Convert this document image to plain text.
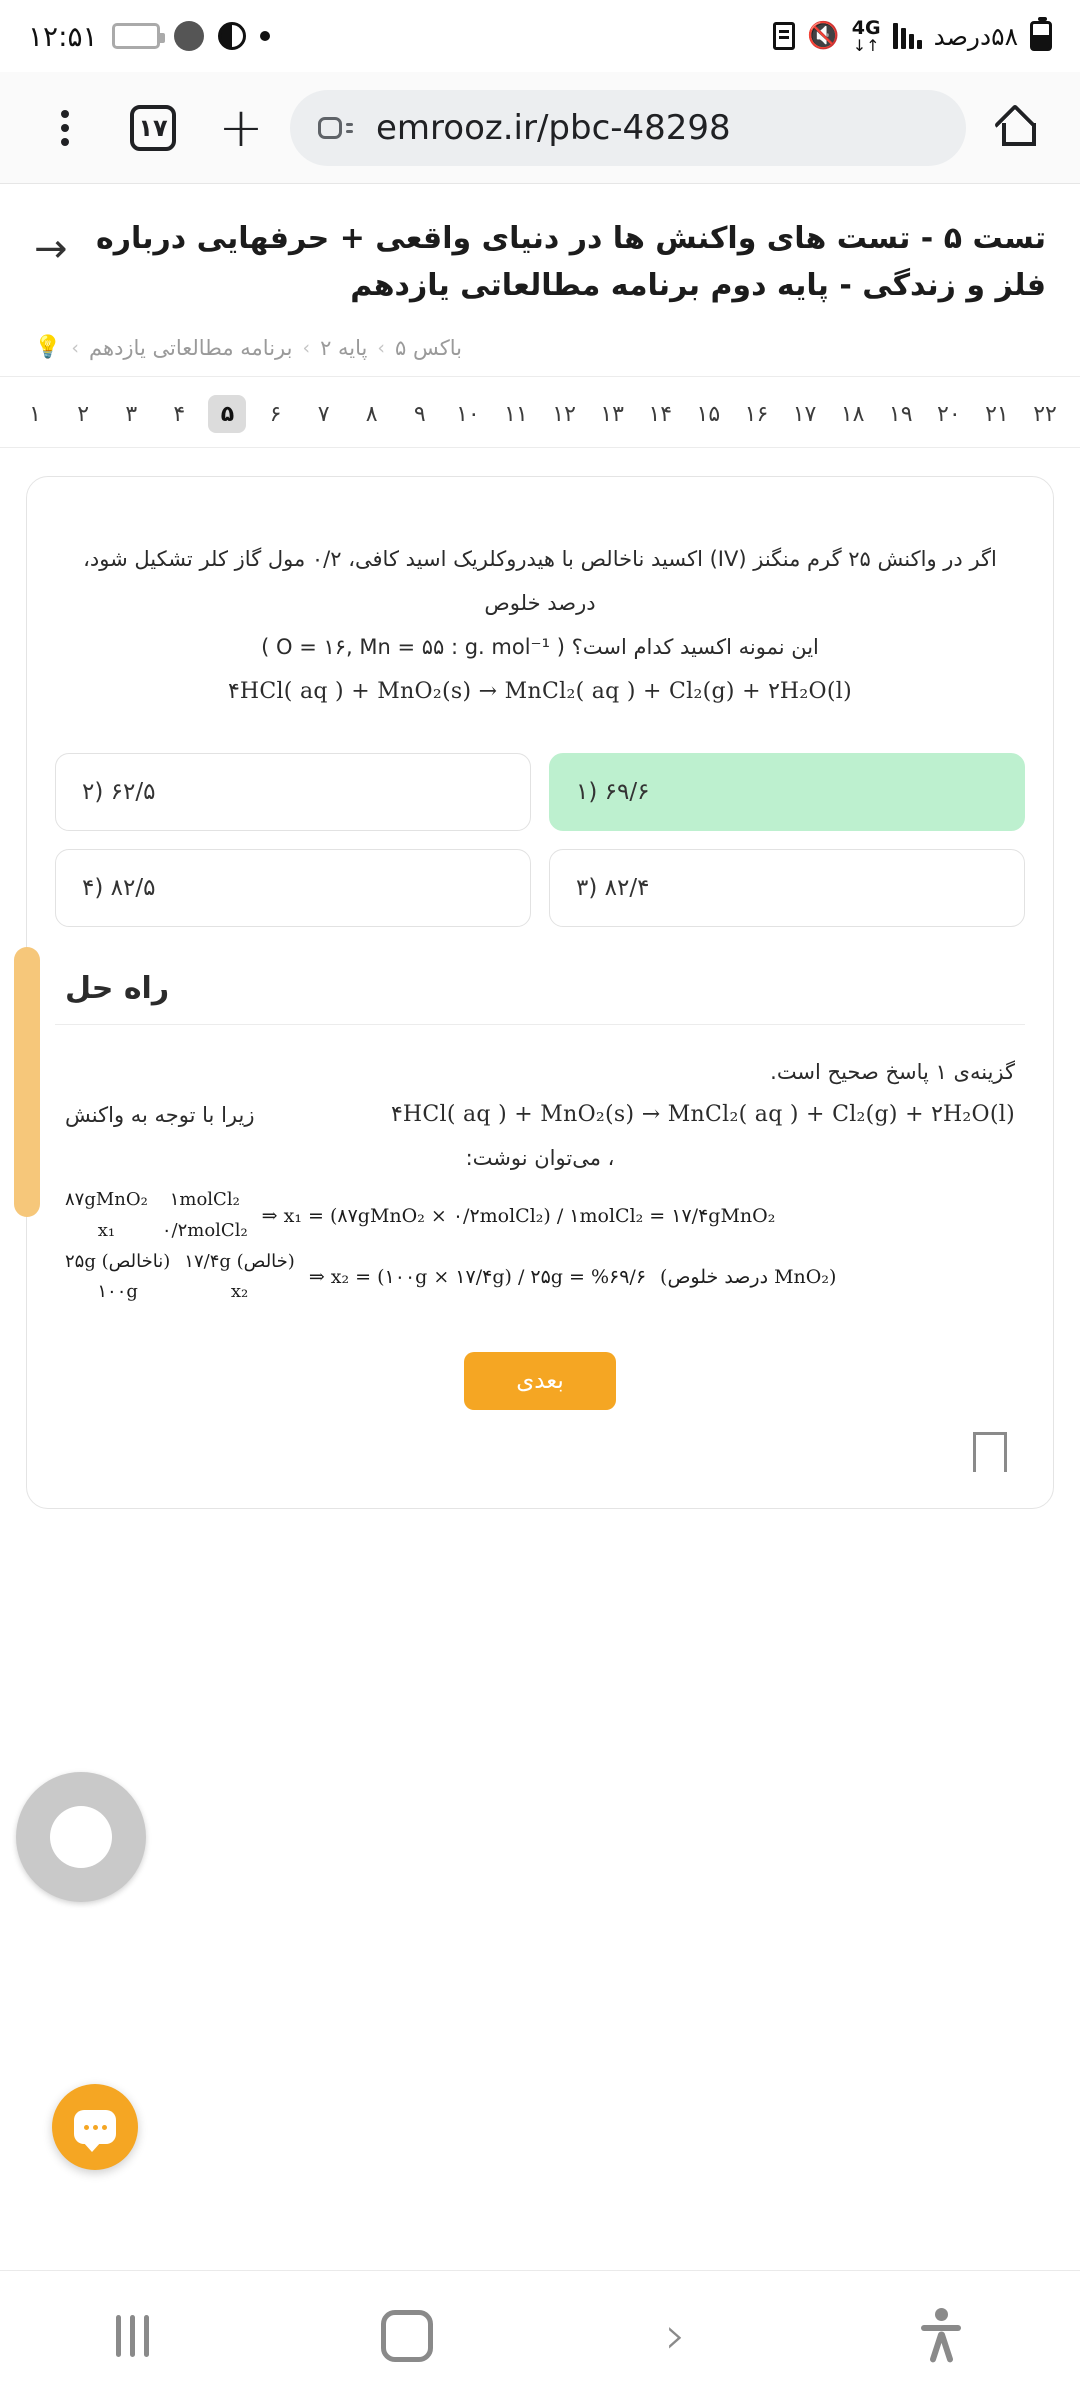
۵۸درصد
4G
↑↓
🔇
۱۲:۵۱
۱۷ +	emrooz.ir/pbc-48298
تست ۵ - تست های واکنش ها در دنیای واقعی + حرفهایی درباره فلز و زندگی - پایه دوم برنامه مطالعاتی یازدهم
→
باکس ۵
›
پایه ۲
›
برنامه مطالعاتی یازدهم
›
💡
۲۲
۲۱
۲۰
۱۹
۱۸
۱۷
۱۶
۱۵
۱۴
۱۳
۱۲
۱۱
۱۰
۹
۸
۷
۶
۵
۴
۳
۲
۱
اگر در واکنش ۲۵ گرم منگنز (IV) اکسید ناخالص با هیدروکلریک اسید کافی، ۰/۲ مول گاز کلر تشکیل شود، درصد خلوص
این نمونه اکسید کدام است؟ ( O = ۱۶, Mn = ۵۵ : g. mol⁻¹ )
۴HCl( aq ) + MnO₂(s) → MnCl₂( aq ) + Cl₂(g) + ۲H₂O(l)
۶۹/۶ (۱
۶۲/۵ (۲
۸۲/۴ (۳
۸۲/۵ (۴
راه حل
گزینه‌ی ۱ پاسخ صحیح است.
۴HCl( aq ) + MnO₂(s) → MnCl₂( aq ) + Cl₂(g) + ۲H₂O(l)
زیرا با توجه به واکنش
، می‌توان نوشت:
۸۷gMnO₂
x₁
۱molCl₂
۰/۲molCl₂
⇒ x₁ = (۸۷gMnO₂ × ۰/۲molCl₂) / ۱molCl₂ = ۱۷/۴gMnO₂
۲۵g (ناخالص)
۱۰۰g
۱۷/۴g (خالص)
x₂
⇒ x₂ = (۱۰۰g × ۱۷/۴g) / ۲۵g = %۶۹/۶ (درصد خلوص MnO₂)
بعدی
›
